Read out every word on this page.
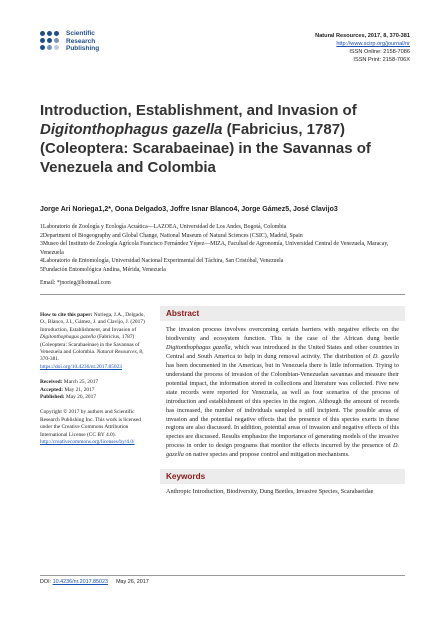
Scientific
Research
Publishing
Natural Resources, 2017, 8, 370-381
http://www.scirp.org/journal/nr
ISSN Online: 2158-7086
ISSN Print: 2158-706X
Introduction, Establishment, and Invasion of Digitonthophagus gazella (Fabricius, 1787) (Coleoptera: Scarabaeinae) in the Savannas of Venezuela and Colombia
Jorge Ari Noriega1,2*, Oona Delgado3, Joffre Isnar Blanco4, Jorge Gámez5, José Clavijo3
1Laboratorio de Zoología y Ecología Acuática—LAZOEA, Universidad de Los Andes, Bogotá, Colombia
2Department of Biogeography and Global Change, National Museum of Natural Sciences (CSIC), Madrid, Spain
3Museo del Instituto de Zoología Agrícola Francisco Fernández Yépez—MIZA, Facultad de Agronomía, Universidad Central de Venezuela, Maracay, Venezuela
4Laboratorio de Entomología, Universidad Nacional Experimental del Táchira, San Cristóbal, Venezuela
5Fundación Entomológica Andina, Mérida, Venezuela
Email: *jnorieg@hotmail.com
How to cite this paper: Noriega, J.A., Delgado, O., Blanco, J.I., Gámez, J. and Clavijo, J. (2017) Introduction, Establishment, and Invasion of Digitonthophagus gazella (Fabricius, 1787) (Coleoptera: Scarabaeinae) in the Savannas of Venezuela and Colombia. Natural Resources, 8, 370-381.
https://doi.org/10.4236/nr.2017.85023
Received: March 25, 2017
Accepted: May 21, 2017
Published: May 26, 2017
Copyright © 2017 by authors and Scientific Research Publishing Inc. This work is licensed under the Creative Commons Attribution International License (CC BY 4.0).
http://creativecommons.org/licenses/by/4.0/
Abstract

The invasion process involves overcoming certain barriers with negative effects on the biodiversity and ecosystem function. This is the case of the African dung beetle Digitonthophagus gazella, which was introduced in the United States and other countries in Central and South America to help in dung removal activity. The distribution of D. gazella has been documented in the Americas, but in Venezuela there is little information. Trying to understand the process of invasion of the Colombian-Venezuelan savannas and measure their potential impact, the information stored in collections and literature was collected. Five new state records were reported for Venezuela, as well as four scenarios of the process of introduction and establishment of this species in the region. Although the amount of records has increased, the number of individuals sampled is still incipient. The possible areas of invasion and the potential negative effects that the presence of this species exerts in these regions are also discussed. In addition, potential areas of invasion and negative effects of this species are discussed. Results emphasize the importance of generating models of the invasive process in order to design programs that monitor the effects incurred by the presence of D. gazella on native species and propose control and mitigation mechanisms.

Keywords
Anthropic Introduction, Biodiversity, Dung Beetles, Invasive Species, Scarabaeidae
DOI: 10.4236/nr.2017.85023 May 26, 2017
